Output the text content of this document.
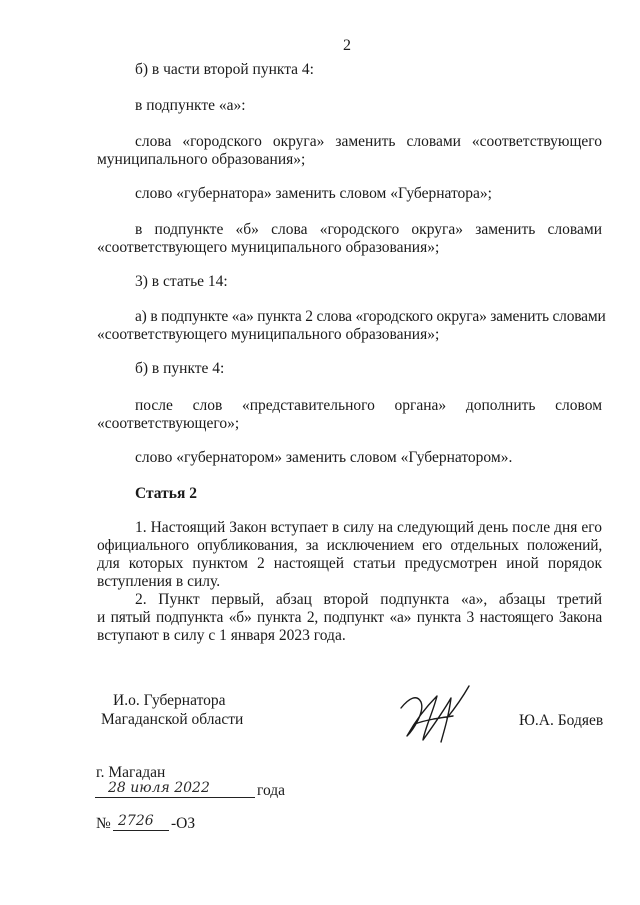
2
б) в части второй пункта 4:
в подпункте «а»:
слова «городского округа» заменить словами «соответствующего
муниципального образования»;
слово «губернатора» заменить словом «Губернатора»;
в подпункте «б» слова «городского округа» заменить словами
«соответствующего муниципального образования»;
3) в статье 14:
а) в подпункте «а» пункта 2 слова «городского округа» заменить словами
«соответствующего муниципального образования»;
б) в пункте 4:
после слов «представительного органа» дополнить словом
«соответствующего»;
слово «губернатором» заменить словом «Губернатором».
Статья 2
1. Настоящий Закон вступает в силу на следующий день после дня его
официального опубликования, за исключением его отдельных положений,
для которых пунктом 2 настоящей статьи предусмотрен иной порядок
вступления в силу.
2. Пункт первый, абзац второй подпункта «а», абзацы третий
и пятый подпункта «б» пункта 2, подпункт «а» пункта 3 настоящего Закона
вступают в силу с 1 января 2023 года.
И.о. Губернатора
Магаданской области	Ю.А. Бодяев
г. Магадан
28 июля 2022	года
№ 2726 -ОЗ
